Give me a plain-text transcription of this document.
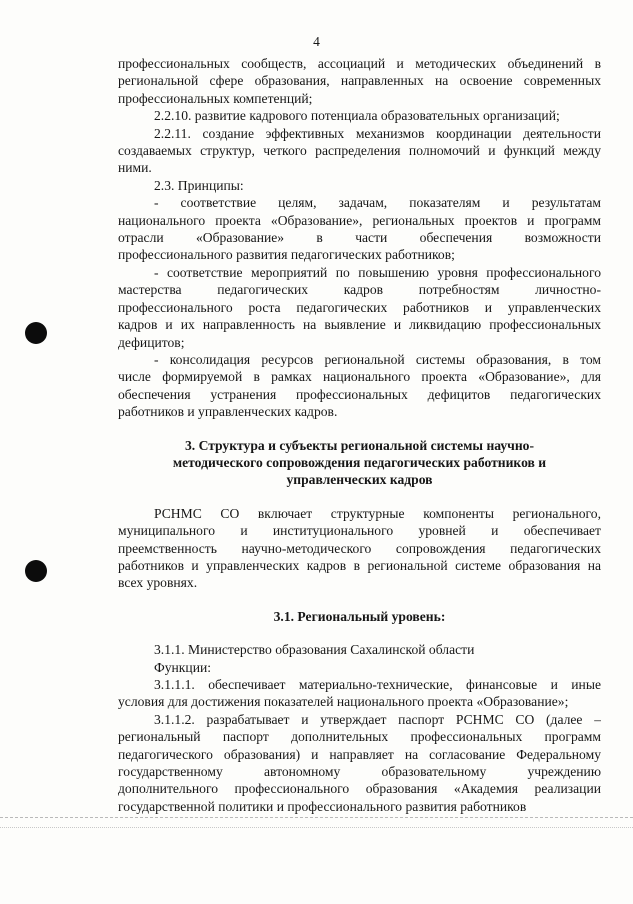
4
профессиональных сообществ, ассоциаций и методических объединений в
региональной сфере образования, направленных на освоение современных
профессиональных компетенций;
2.2.10. развитие кадрового потенциала образовательных организаций;
2.2.11. создание эффективных механизмов координации деятельности
создаваемых структур, четкого распределения полномочий и функций между
ними.
2.3. Принципы:
- соответствие целям, задачам, показателям и результатам
национального проекта «Образование», региональных проектов и программ
отрасли «Образование» в части обеспечения возможности
профессионального развития педагогических работников;
- соответствие мероприятий по повышению уровня профессионального
мастерства педагогических кадров потребностям личностно-
профессионального роста педагогических работников и управленческих
кадров и их направленность на выявление и ликвидацию профессиональных
дефицитов;
- консолидация ресурсов региональной системы образования, в том
числе формируемой в рамках национального проекта «Образование», для
обеспечения устранения профессиональных дефицитов педагогических
работников и управленческих кадров.
3. Структура и субъекты региональной системы научно-
методического сопровождения педагогических работников и
управленческих кадров
РСНМС СО включает структурные компоненты регионального,
муниципального и институционального уровней и обеспечивает
преемственность научно-методического сопровождения педагогических
работников и управленческих кадров в региональной системе образования на
всех уровнях.
3.1. Региональный уровень:
3.1.1. Министерство образования Сахалинской области
Функции:
3.1.1.1. обеспечивает материально-технические, финансовые и иные
условия для достижения показателей национального проекта «Образование»;
3.1.1.2. разрабатывает и утверждает паспорт РСНМС СО (далее –
региональный паспорт дополнительных профессиональных программ
педагогического образования) и направляет на согласование Федеральному
государственному автономному образовательному учреждению
дополнительного профессионального образования «Академия реализации
государственной политики и профессионального развития работников
